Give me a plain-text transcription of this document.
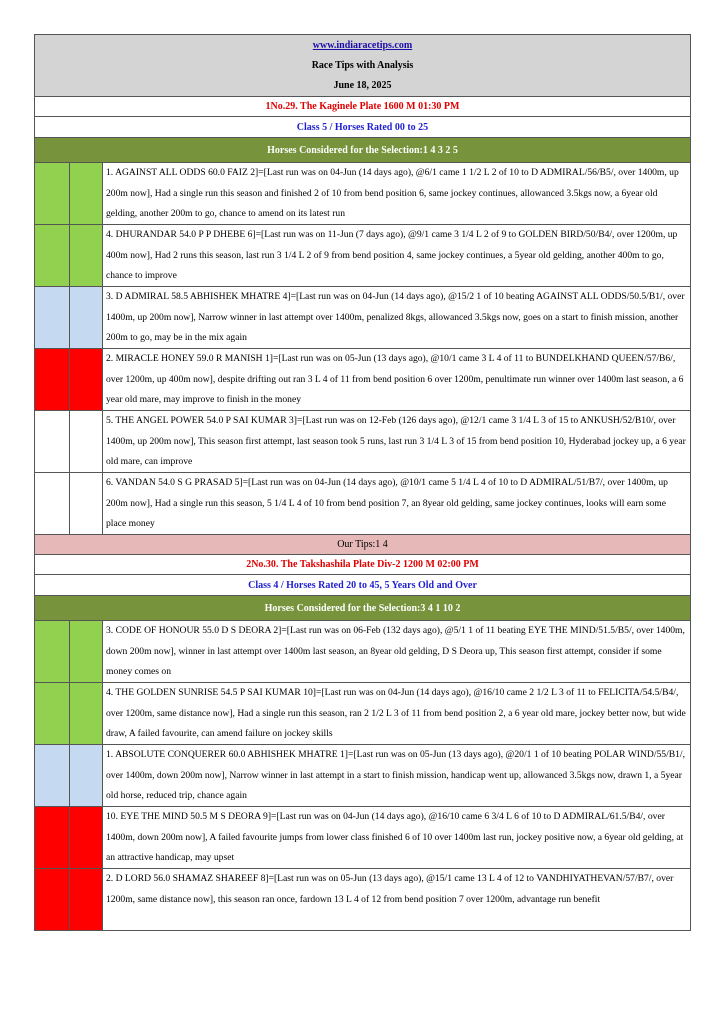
www.indiaracetips.com
Race Tips with Analysis
June 18, 2025
1No.29. The Kaginele Plate 1600 M 01:30 PM
Class 5 / Horses Rated 00 to 25
Horses Considered for the Selection:1 4 3 2 5
1. AGAINST ALL ODDS 60.0 FAIZ 2]=[Last run was on 04-Jun (14 days ago), @6/1 came 1 1/2 L 2 of 10 to D ADMIRAL/56/B5/, over 1400m, up 200m now], Had a single run this season and finished 2 of 10 from bend position 6, same jockey continues, allowanced 3.5kgs now, a 6year old gelding, another 200m to go, chance to amend on its latest run
4. DHURANDAR 54.0 P P DHEBE 6]=[Last run was on 11-Jun (7 days ago), @9/1 came 3 1/4 L 2 of 9 to GOLDEN BIRD/50/B4/, over 1200m, up 400m now], Had 2 runs this season, last run 3 1/4 L 2 of 9 from bend position 4, same jockey continues, a 5year old gelding, another 400m to go, chance to improve
3. D ADMIRAL 58.5 ABHISHEK MHATRE 4]=[Last run was on 04-Jun (14 days ago), @15/2 1 of 10 beating AGAINST ALL ODDS/50.5/B1/, over 1400m, up 200m now], Narrow winner in last attempt over 1400m, penalized 8kgs, allowanced 3.5kgs now, goes on a start to finish mission, another 200m to go, may be in the mix again
2. MIRACLE HONEY 59.0 R MANISH 1]=[Last run was on 05-Jun (13 days ago), @10/1 came 3 L 4 of 11 to BUNDELKHAND QUEEN/57/B6/, over 1200m, up 400m now], despite drifting out ran 3 L 4 of 11 from bend position 6 over 1200m, penultimate run winner over 1400m last season, a 6 year old mare, may improve to finish in the money
5. THE ANGEL POWER 54.0 P SAI KUMAR 3]=[Last run was on 12-Feb (126 days ago), @12/1 came 3 1/4 L 3 of 15 to ANKUSH/52/B10/, over 1400m, up 200m now], This season first attempt, last season took 5 runs, last run 3 1/4 L 3 of 15 from bend position 10, Hyderabad jockey up, a 6 year old mare, can improve
6. VANDAN 54.0 S G PRASAD 5]=[Last run was on 04-Jun (14 days ago), @10/1 came 5 1/4 L 4 of 10 to D ADMIRAL/51/B7/, over 1400m, up 200m now], Had a single run this season, 5 1/4 L 4 of 10 from bend position 7, an 8year old gelding, same jockey continues, looks will earn some place money
Our Tips:1 4
2No.30. The Takshashila Plate Div-2 1200 M 02:00 PM
Class 4 / Horses Rated 20 to 45, 5 Years Old and Over
Horses Considered for the Selection:3 4 1 10 2
3. CODE OF HONOUR 55.0 D S DEORA 2]=[Last run was on 06-Feb (132 days ago), @5/1 1 of 11 beating EYE THE MIND/51.5/B5/, over 1400m, down 200m now], winner in last attempt over 1400m last season, an 8year old gelding, D S Deora up, This season first attempt, consider if some money comes on
4. THE GOLDEN SUNRISE 54.5 P SAI KUMAR 10]=[Last run was on 04-Jun (14 days ago), @16/10 came 2 1/2 L 3 of 11 to FELICITA/54.5/B4/, over 1200m, same distance now], Had a single run this season, ran 2 1/2 L 3 of 11 from bend position 2, a 6 year old mare, jockey better now, but wide draw, A failed favourite, can amend failure on jockey skills
1. ABSOLUTE CONQUERER 60.0 ABHISHEK MHATRE 1]=[Last run was on 05-Jun (13 days ago), @20/1 1 of 10 beating POLAR WIND/55/B1/, over 1400m, down 200m now], Narrow winner in last attempt in a start to finish mission, handicap went up, allowanced 3.5kgs now, drawn 1, a 5year old horse, reduced trip, chance again
10. EYE THE MIND 50.5 M S DEORA 9]=[Last run was on 04-Jun (14 days ago), @16/10 came 6 3/4 L 6 of 10 to D ADMIRAL/61.5/B4/, over 1400m, down 200m now], A failed favourite jumps from lower class finished 6 of 10 over 1400m last run, jockey positive now, a 6year old gelding, at an attractive handicap, may upset
2. D LORD 56.0 SHAMAZ SHAREEF 8]=[Last run was on 05-Jun (13 days ago), @15/1 came 13 L 4 of 12 to VANDHIYATHEVAN/57/B7/, over 1200m, same distance now], this season ran once, fardown 13 L 4 of 12 from bend position 7 over 1200m, advantage run benefit
